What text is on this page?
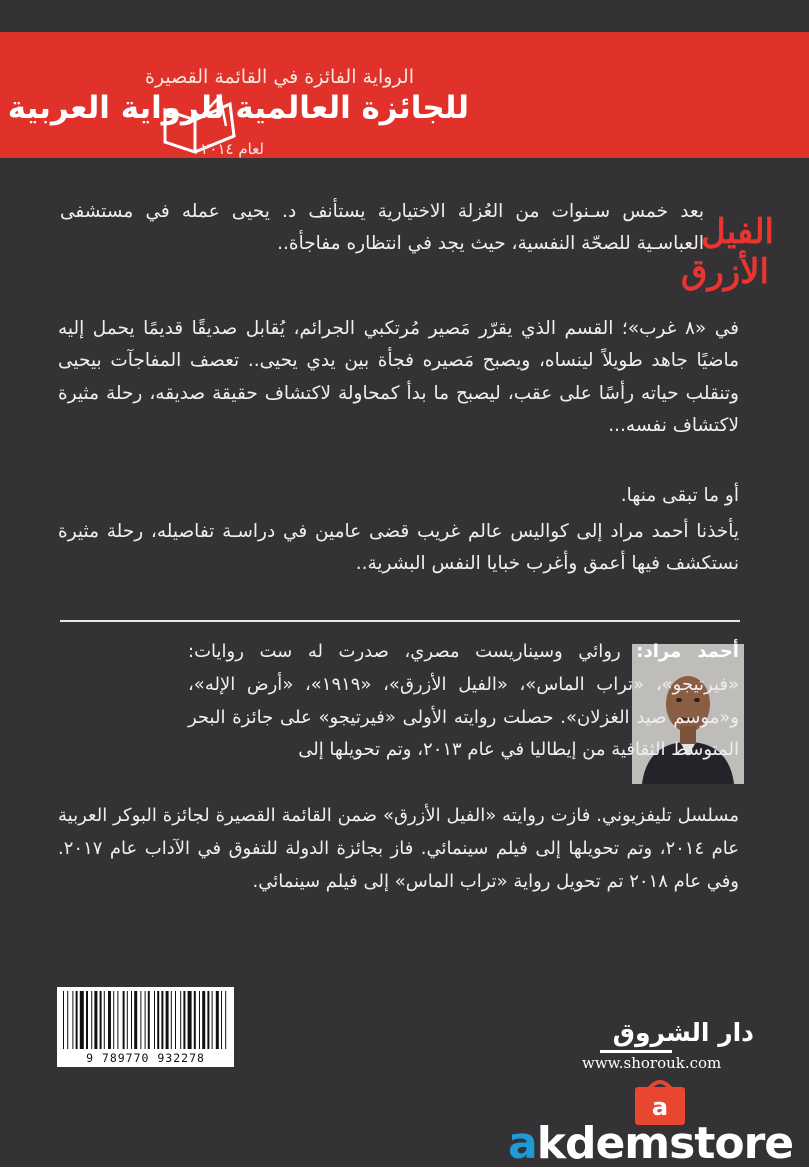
الرواية الفائزة في القائمة القصيرة
للجائزة العالمية للرواية العربية
لعام ٢٠١٤
الفيل
الأزرق

بعد خمس سـنوات من العُزلة الاختيارية يستأنف د. يحيى عمله في مستشفى العباسـية للصحّة النفسية، حيث يجد في انتظاره مفاجأة..

في «٨ غرب»؛ القسم الذي يقرّر مَصير مُرتكبي الجرائم، يُقابل صديقًا قديمًا يحمل إليه ماضيًا جاهد طويلاً لينساه، ويصبح مَصيره فجأة بين يدي يحيى.. تعصف المفاجآت بيحيى وتنقلب حياته رأسًا على عقب، ليصبح ما بدأ كمحاولة لاكتشاف حقيقة صديقه، رحلة مثيرة لاكتشاف نفسه...

أو ما تبقى منها.

يأخذنا أحمد مراد إلى كواليس عالم غريب قضى عامين في دراسـة تفاصيله، رحلة مثيرة نستكشف فيها أعمق وأغرب خبايا النفس البشرية..

أحمد مراد: روائي وسيناريست مصري، صدرت له ست روايات: «فيرتيجو»، «تراب الماس»، «الفيل الأزرق»، «١٩١٩»، «أرض الإله»، و«موسم صيد الغزلان». حصلت روايته الأولى «فيرتيجو» على جائزة البحر المتوسط الثقافية من إيطاليا في عام ٢٠١٣، وتم تحويلها إلى

مسلسل تليفزيوني. فازت روايته «الفيل الأزرق» ضمن القائمة القصيرة لجائزة البوكر العربية عام ٢٠١٤، وتم تحويلها إلى فيلم سينمائي. فاز بجائزة الدولة للتفوق في الآداب عام ٢٠١٧. وفي عام ٢٠١٨ تم تحويل رواية «تراب الماس» إلى فيلم سينمائي.

9 789770 932278
دار الشروق
www.shorouk.com
a
akdemstore
